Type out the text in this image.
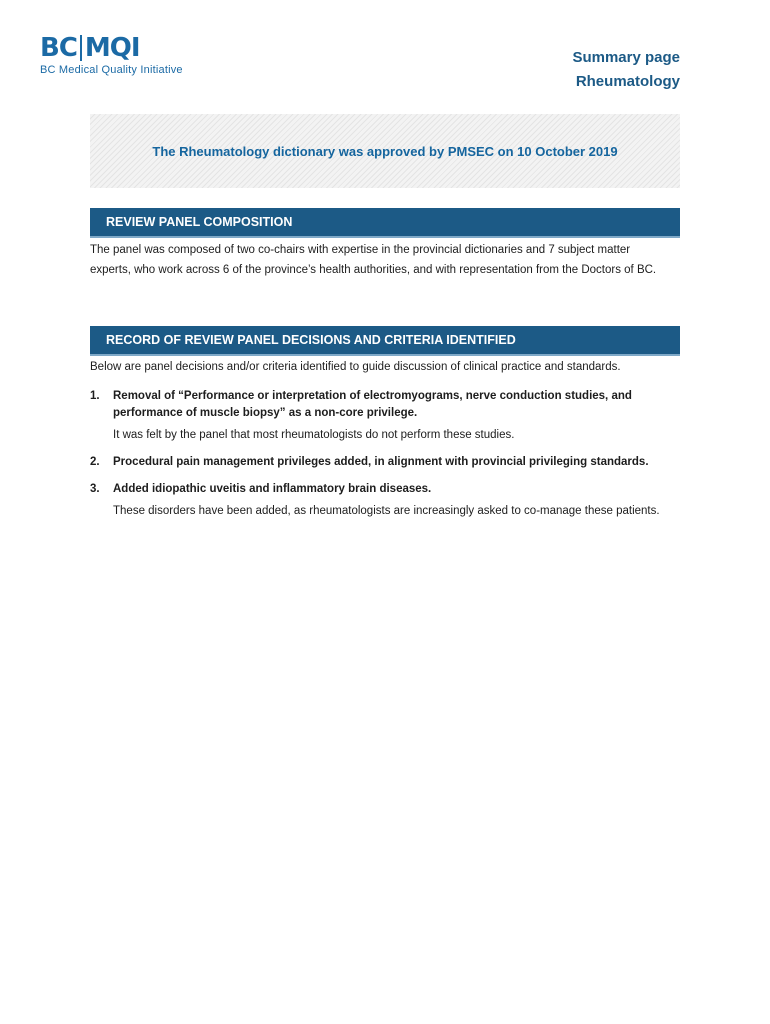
BC MQI
BC Medical Quality Initiative
Summary page
Rheumatology
The Rheumatology dictionary was approved by PMSEC on 10 October 2019
REVIEW PANEL COMPOSITION
The panel was composed of two co-chairs with expertise in the provincial dictionaries and 7 subject matter experts, who work across 6 of the province’s health authorities, and with representation from the Doctors of BC.
RECORD OF REVIEW PANEL DECISIONS AND CRITERIA IDENTIFIED
Below are panel decisions and/or criteria identified to guide discussion of clinical practice and standards.
1.	Removal of “Performance or interpretation of electromyograms, nerve conduction studies, and performance of muscle biopsy” as a non-core privilege.
It was felt by the panel that most rheumatologists do not perform these studies.
2.	Procedural pain management privileges added, in alignment with provincial privileging standards.
3.	Added idiopathic uveitis and inflammatory brain diseases.
These disorders have been added, as rheumatologists are increasingly asked to co-manage these patients.
